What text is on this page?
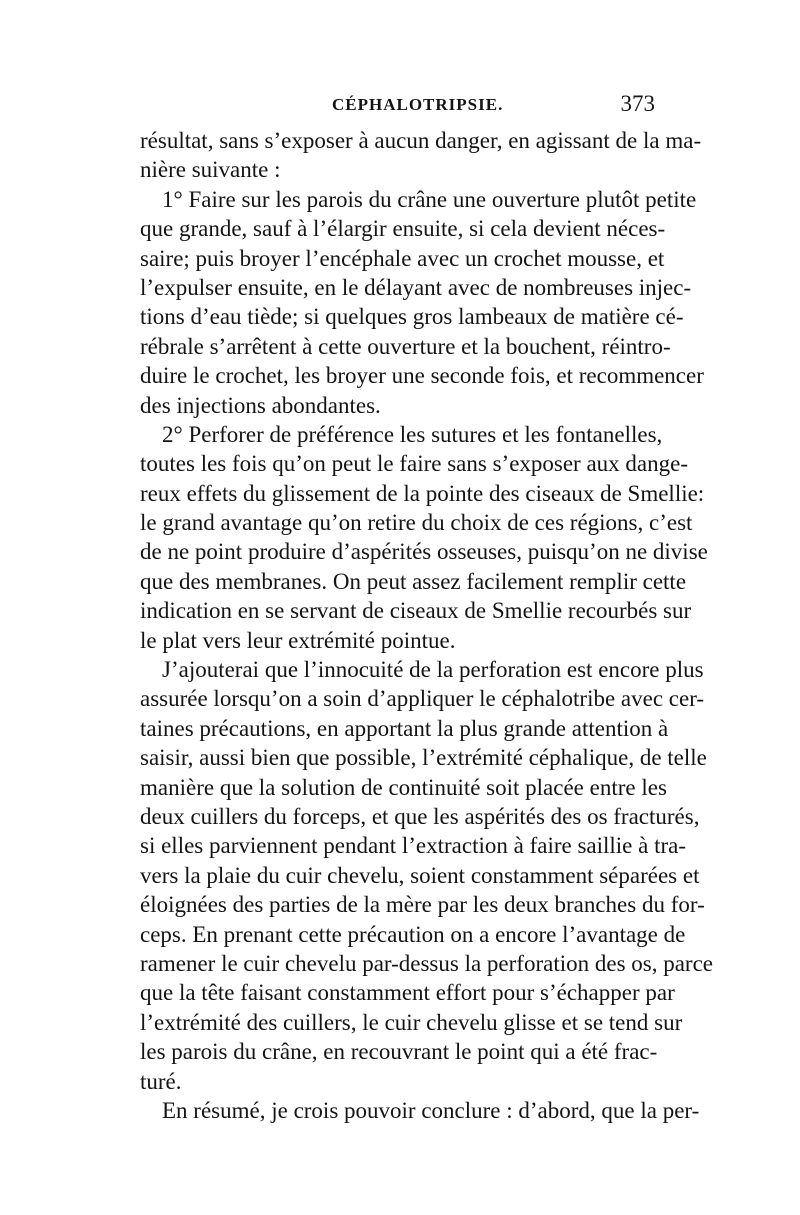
CÉPHALOTRIPSIE.	373
résultat, sans s’exposer à aucun danger, en agissant de la ma-
nière suivante :
1° Faire sur les parois du crâne une ouverture plutôt petite
que grande, sauf à l’élargir ensuite, si cela devient néces-
saire; puis broyer l’encéphale avec un crochet mousse, et
l’expulser ensuite, en le délayant avec de nombreuses injec-
tions d’eau tiède; si quelques gros lambeaux de matière cé-
rébrale s’arrêtent à cette ouverture et la bouchent, réintro-
duire le crochet, les broyer une seconde fois, et recommencer
des injections abondantes.
2° Perforer de préférence les sutures et les fontanelles,
toutes les fois qu’on peut le faire sans s’exposer aux dange-
reux effets du glissement de la pointe des ciseaux de Smellie:
le grand avantage qu’on retire du choix de ces régions, c’est
de ne point produire d’aspérités osseuses, puisqu’on ne divise
que des membranes. On peut assez facilement remplir cette
indication en se servant de ciseaux de Smellie recourbés sur
le plat vers leur extrémité pointue.
J’ajouterai que l’innocuité de la perforation est encore plus
assurée lorsqu’on a soin d’appliquer le céphalotribe avec cer-
taines précautions, en apportant la plus grande attention à
saisir, aussi bien que possible, l’extrémité céphalique, de telle
manière que la solution de continuité soit placée entre les
deux cuillers du forceps, et que les aspérités des os fracturés,
si elles parviennent pendant l’extraction à faire saillie à tra-
vers la plaie du cuir chevelu, soient constamment séparées et
éloignées des parties de la mère par les deux branches du for-
ceps. En prenant cette précaution on a encore l’avantage de
ramener le cuir chevelu par-dessus la perforation des os, parce
que la tête faisant constamment effort pour s’échapper par
l’extrémité des cuillers, le cuir chevelu glisse et se tend sur
les parois du crâne, en recouvrant le point qui a été frac-
turé.
En résumé, je crois pouvoir conclure : d’abord, que la per-
